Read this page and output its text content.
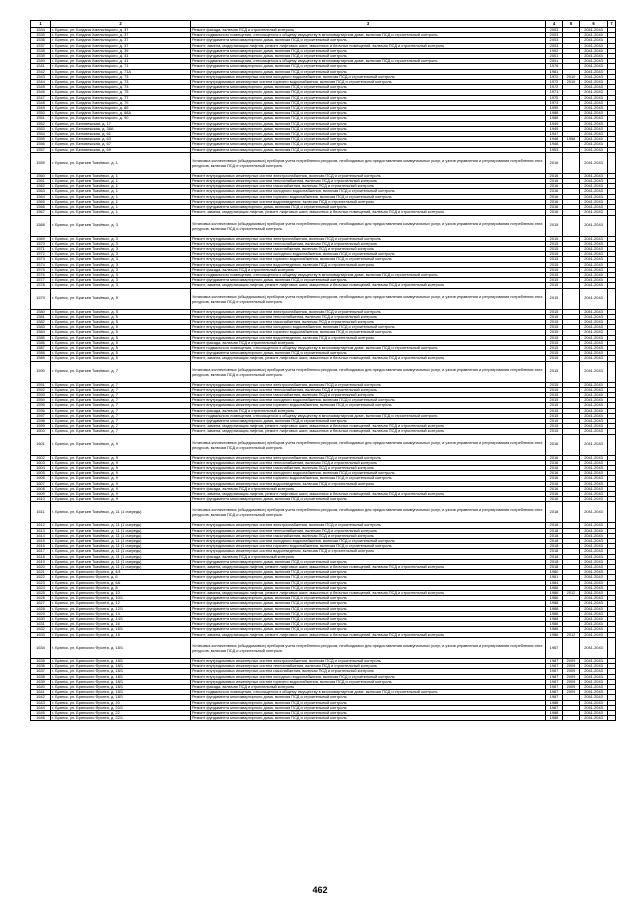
1	2	3	4	5	6	7
1534	г. Брянск, ул. Богдана Хмельницкого, д. 37	Ремонт фасада, включая ПСД и строительный контроль	2003		2041-2043	
1535	г. Брянск, ул. Богдана Хмельницкого, д. 37	Ремонт подвального помещения, относящегося к общему имуществу в многоквартирном доме, включая ПСД и строительный контроль	2003		2041-2043	
1536	г. Брянск, ул. Богдана Хмельницкого, д. 37	Ремонт фундамента многоквартирного дома, включая ПСД и строительный контроль	2003		2041-2043	
1537	г. Брянск, ул. Богдана Хмельницкого, д. 37	Ремонт, замена, модернизация лифтов, ремонт лифтовых шахт, машинных и блочных помещений, включая ПСД и строительный контроль	2003		2041-2043	
1538	г. Брянск, ул. Богдана Хмельницкого, д. 39	Ремонт фундамента многоквартирного дома, включая ПСД и строительный контроль	1992		2041-2043	
1539	г. Брянск, ул. Богдана Хмельницкого, д. 41	Ремонт фундамента многоквартирного дома, включая ПСД и строительный контроль	2001		2041-2043	
1540	г. Брянск, ул. Богдана Хмельницкого, д. 41	Ремонт подвального помещения, относящегося к общему имуществу в многоквартирном доме, включая ПСД и строительный контроль	2001		2041-2043	
1541	г. Брянск, ул. Богдана Хмельницкого, д. 71	Ремонт фундамента многоквартирного дома, включая ПСД и строительный контроль	1976		2041-2043	
1542	г. Брянск, ул. Богдана Хмельницкого, д. 71А	Ремонт фундамента многоквартирного дома, включая ПСД и строительный контроль	1981		2041-2043	
1543	г. Брянск, ул. Богдана Хмельницкого, д. 73	Ремонт внутридомовых инженерных систем холодного водоснабжения, включая ПСД и строительный контроль	1972	2010	2041-2043	
1544	г. Брянск, ул. Богдана Хмельницкого, д. 73	Ремонт внутридомовых инженерных систем горячего водоснабжения, включая ПСД и строительный контроль	1972	2010	2041-2043	
1545	г. Брянск, ул. Богдана Хмельницкого, д. 73	Ремонт фундамента многоквартирного дома, включая ПСД и строительный контроль	1972		2041-2043	
1546	г. Брянск, ул. Богдана Хмельницкого, д. 75	Ремонт фундамента многоквартирного дома, включая ПСД и строительный контроль	1971		2041-2043	
1547	г. Брянск, ул. Богдана Хмельницкого, д. 77	Ремонт фундамента многоквартирного дома, включая ПСД и строительный контроль	1975		2041-2043	
1548	г. Брянск, ул. Богдана Хмельницкого, д. 79	Ремонт фундамента многоквартирного дома, включая ПСД и строительный контроль	1973		2041-2043	
1549	г. Брянск, ул. Богдана Хмельницкого, д. 86	Ремонт фундамента многоквартирного дома, включая ПСД и строительный контроль	1995		2041-2043	
1550	г. Брянск, ул. Богдана Хмельницкого, д. 88А	Ремонт фундамента многоквартирного дома, включая ПСД и строительный контроль	1988		2041-2043	
1551	г. Брянск, ул. Богдана Хмельницкого, д. 90	Ремонт фундамента многоквартирного дома, включая ПСД и строительный контроль	1988		2041-2043	
1552	г. Брянск, ул. Беловежская, д. 17	Ремонт фундамента многоквартирного дома, включая ПСД и строительный контроль	1949		2041-2043	
1553	г. Брянск, ул. Беловежская, д. 38А	Ремонт фундамента многоквартирного дома, включая ПСД и строительный контроль	1949		2041-2043	
1554	г. Брянск, ул. Беловежская, д. 61	Ремонт фундамента многоквартирного дома, включая ПСД и строительный контроль	1947		2041-2043	
1555	г. Брянск, ул. Беловежская, д. 63	Ремонт фундамента многоквартирного дома, включая ПСД и строительный контроль	1948	1958	2041-2043	
1556	г. Брянск, ул. Беловежская, д. 67	Ремонт фундамента многоквартирного дома, включая ПСД и строительный контроль	1948		2041-2043	
1557	г. Брянск, ул. Беловежская, д. 69	Ремонт фундамента многоквартирного дома, включая ПСД и строительный контроль	1953		2041-2043	
1559	г. Брянск, ул. Братьев Ткачёвых, д. 1	Установка коллективных (общедомовых) приборов учета потребления ресурсов, необходимых для предоставления коммунальных услуг, и узлов управления и регулирования потребления этих ресурсов, включая ПСД и строительный контроль	2016		2041-2043	
1560	г. Брянск, ул. Братьев Ткачёвых, д. 1	Ремонт внутридомовых инженерных систем электроснабжения, включая ПСД и строительный контроль	2016		2041-2043	
1561	г. Брянск, ул. Братьев Ткачёвых, д. 1	Ремонт внутридомовых инженерных систем теплоснабжения, включая ПСД и строительный контроль	2016		2041-2043	
1562	г. Брянск, ул. Братьев Ткачёвых, д. 1	Ремонт внутридомовых инженерных систем газоснабжения, включая ПСД и строительный контроль	2016		2041-2043	
1563	г. Брянск, ул. Братьев Ткачёвых, д. 1	Ремонт внутридомовых инженерных систем холодного водоснабжения, включая ПСД и строительный контроль	2016		2041-2043	
1564	г. Брянск, ул. Братьев Ткачёвых, д. 1	Ремонт внутридомовых инженерных систем горячего водоснабжения, включая ПСД и строительный контроль	2016		2041-2043	
1565	г. Брянск, ул. Братьев Ткачёвых, д. 1	Ремонт внутридомовых инженерных систем водоотведения, включая ПСД и строительный контроль	2016		2041-2043	
1566	г. Брянск, ул. Братьев Ткачёвых, д. 1	Ремонт фундамента многоквартирного дома, включая ПСД и строительный контроль	2016		2041-2043	
1567	г. Брянск, ул. Братьев Ткачёвых, д. 1	Ремонт, замена, модернизация лифтов, ремонт лифтовых шахт, машинных и блочных помещений, включая ПСД и строительный контроль	2016		2041-2043	
1568	г. Брянск, ул. Братьев Ткачёвых, д. 3	Установка коллективных (общедомовых) приборов учета потребления ресурсов, необходимых для предоставления коммунальных услуг, и узлов управления и регулирования потребления этих ресурсов, включая ПСД и строительный контроль	2015		2041-2043	
1569	г. Брянск, ул. Братьев Ткачёвых, д. 3	Ремонт внутридомовых инженерных систем электроснабжения, включая ПСД и строительный контроль	2015		2041-2043	
1570	г. Брянск, ул. Братьев Ткачёвых, д. 3	Ремонт внутридомовых инженерных систем теплоснабжения, включая ПСД и строительный контроль	2015		2041-2043	
1571	г. Брянск, ул. Братьев Ткачёвых, д. 3	Ремонт внутридомовых инженерных систем газоснабжения, включая ПСД и строительный контроль	2015		2041-2043	
1572	г. Брянск, ул. Братьев Ткачёвых, д. 3	Ремонт внутридомовых инженерных систем холодного водоснабжения, включая ПСД и строительный контроль	2015		2041-2043	
1573	г. Брянск, ул. Братьев Ткачёвых, д. 3	Ремонт внутридомовых инженерных систем горячего водоснабжения, включая ПСД и строительный контроль	2015		2041-2043	
1574	г. Брянск, ул. Братьев Ткачёвых, д. 3	Ремонт внутридомовых инженерных систем водоотведения, включая ПСД и строительный контроль	2015		2041-2043	
1575	г. Брянск, ул. Братьев Ткачёвых, д. 3	Ремонт фасада, включая ПСД и строительный контроль	2015		2041-2043	
1576	г. Брянск, ул. Братьев Ткачёвых, д. 3	Ремонт подвального помещения, относящегося к общему имуществу в многоквартирном доме, включая ПСД и строительный контроль	2015		2041-2043	
1577	г. Брянск, ул. Братьев Ткачёвых, д. 3	Ремонт фундамента многоквартирного дома, включая ПСД и строительный контроль	2015		2041-2043	
1578	г. Брянск, ул. Братьев Ткачёвых, д. 3	Ремонт, замена, модернизация лифтов, ремонт лифтовых шахт, машинных и блочных помещений, включая ПСД и строительный контроль	2015		2041-2043	
1579	г. Брянск, ул. Братьев Ткачёвых, д. 5	Установка коллективных (общедомовых) приборов учета потребления ресурсов, необходимых для предоставления коммунальных услуг, и узлов управления и регулирования потребления этих ресурсов, включая ПСД и строительный контроль	2015		2041-2043	
1580	г. Брянск, ул. Братьев Ткачёвых, д. 5	Ремонт внутридомовых инженерных систем электроснабжения, включая ПСД и строительный контроль	2015		2041-2043	
1581	г. Брянск, ул. Братьев Ткачёвых, д. 5	Ремонт внутридомовых инженерных систем теплоснабжения, включая ПСД и строительный контроль	2015		2041-2043	
1582	г. Брянск, ул. Братьев Ткачёвых, д. 5	Ремонт внутридомовых инженерных систем газоснабжения, включая ПСД и строительный контроль	2015		2041-2043	
1583	г. Брянск, ул. Братьев Ткачёвых, д. 5	Ремонт внутридомовых инженерных систем холодного водоснабжения, включая ПСД и строительный контроль	2015		2041-2043	
1584	г. Брянск, ул. Братьев Ткачёвых, д. 5	Ремонт внутридомовых инженерных систем горячего водоснабжения, включая ПСД и строительный контроль	2015		2041-2043	
1585	г. Брянск, ул. Братьев Ткачёвых, д. 5	Ремонт внутридомовых инженерных систем водоотведения, включая ПСД и строительный контроль	2015		2041-2043	
1586	г. Брянск, ул. Братьев Ткачёвых, д. 5	Ремонт фасада, включая ПСД и строительный контроль	2015		2041-2043	
1587	г. Брянск, ул. Братьев Ткачёвых, д. 5	Ремонт подвального помещения, относящегося к общему имуществу в многоквартирном доме, включая ПСД и строительный контроль	2015		2041-2043	
1588	г. Брянск, ул. Братьев Ткачёвых, д. 5	Ремонт фундамента многоквартирного дома, включая ПСД и строительный контроль	2015		2041-2043	
1589	г. Брянск, ул. Братьев Ткачёвых, д. 5	Ремонт, замена, модернизация лифтов, ремонт лифтовых шахт, машинных и блочных помещений, включая ПСД и строительный контроль	2015		2041-2043	
1590	г. Брянск, ул. Братьев Ткачёвых, д. 7	Установка коллективных (общедомовых) приборов учета потребления ресурсов, необходимых для предоставления коммунальных услуг, и узлов управления и регулирования потребления этих ресурсов, включая ПСД и строительный контроль	2015		2041-2043	
1591	г. Брянск, ул. Братьев Ткачёвых, д. 7	Ремонт внутридомовых инженерных систем электроснабжения, включая ПСД и строительный контроль	2015		2041-2043	
1592	г. Брянск, ул. Братьев Ткачёвых, д. 7	Ремонт внутридомовых инженерных систем теплоснабжения, включая ПСД и строительный контроль	2015		2041-2043	
1593	г. Брянск, ул. Братьев Ткачёвых, д. 7	Ремонт внутридомовых инженерных систем газоснабжения, включая ПСД и строительный контроль	2015		2041-2043	
1594	г. Брянск, ул. Братьев Ткачёвых, д. 7	Ремонт внутридомовых инженерных систем холодного водоснабжения, включая ПСД и строительный контроль	2015		2041-2043	
1595	г. Брянск, ул. Братьев Ткачёвых, д. 7	Ремонт внутридомовых инженерных систем горячего водоснабжения, включая ПСД и строительный контроль	2015		2041-2043	
1596	г. Брянск, ул. Братьев Ткачёвых, д. 7	Ремонт фасада, включая ПСД и строительный контроль	2015		2041-2043	
1597	г. Брянск, ул. Братьев Ткачёвых, д. 7	Ремонт подвального помещения, относящегося к общему имуществу в многоквартирном доме, включая ПСД и строительный контроль	2015		2041-2043	
1598	г. Брянск, ул. Братьев Ткачёвых, д. 7	Ремонт фундамента многоквартирного дома, включая ПСД и строительный контроль	2015		2041-2043	
1599	г. Брянск, ул. Братьев Ткачёвых, д. 7	Ремонт, замена, модернизация лифтов, ремонт лифтовых шахт, машинных и блочных помещений, включая ПСД и строительный контроль	2015		2041-2043	
1600	г. Брянск, ул. Братьев Ткачёвых, д. 7	Ремонт, замена, модернизация лифтов, ремонт лифтовых шахт, машинных и блочных помещений, включая ПСД и строительный контроль	2015		2041-2043	
1601	г. Брянск, ул. Братьев Ткачёвых, д. 9	Установка коллективных (общедомовых) приборов учета потребления ресурсов, необходимых для предоставления коммунальных услуг, и узлов управления и регулирования потребления этих ресурсов, включая ПСД и строительный контроль	2016		2041-2043	
1602	г. Брянск, ул. Братьев Ткачёвых, д. 9	Ремонт внутридомовых инженерных систем электроснабжения, включая ПСД и строительный контроль	2016		2041-2043	
1603	г. Брянск, ул. Братьев Ткачёвых, д. 9	Ремонт внутридомовых инженерных систем теплоснабжения, включая ПСД и строительный контроль	2016		2041-2043	
1604	г. Брянск, ул. Братьев Ткачёвых, д. 9	Ремонт внутридомовых инженерных систем газоснабжения, включая ПСД и строительный контроль	2016		2041-2043	
1605	г. Брянск, ул. Братьев Ткачёвых, д. 9	Ремонт внутридомовых инженерных систем холодного водоснабжения, включая ПСД и строительный контроль	2016		2041-2043	
1606	г. Брянск, ул. Братьев Ткачёвых, д. 9	Ремонт внутридомовых инженерных систем горячего водоснабжения, включая ПСД и строительный контроль	2016		2041-2043	
1607	г. Брянск, ул. Братьев Ткачёвых, д. 9	Ремонт внутридомовых инженерных систем водоотведения, включая ПСД и строительный контроль	2016		2041-2043	
1608	г. Брянск, ул. Братьев Ткачёвых, д. 9	Ремонт фасада, включая ПСД и строительный контроль	2016		2041-2043	
1609	г. Брянск, ул. Братьев Ткачёвых, д. 9	Ремонт, замена, модернизация лифтов, ремонт лифтовых шахт, машинных и блочных помещений, включая ПСД и строительный контроль	2016		2041-2043	
1610	г. Брянск, ул. Братьев Ткачёвых, д. 9	Ремонт фундамента многоквартирного дома, включая ПСД и строительный контроль	2016		2041-2043	
1611	г. Брянск, ул. Братьев Ткачёвых, д. 11 (1 очередь)	Установка коллективных (общедомовых) приборов учета потребления ресурсов, необходимых для предоставления коммунальных услуг, и узлов управления и регулирования потребления этих ресурсов, включая ПСД и строительный контроль	2018		2041-2043	
1612	г. Брянск, ул. Братьев Ткачёвых, д. 11 (1 очередь)	Ремонт внутридомовых инженерных систем электроснабжения, включая ПСД и строительный контроль	2018		2041-2043	
1613	г. Брянск, ул. Братьев Ткачёвых, д. 11 (1 очередь)	Ремонт внутридомовых инженерных систем теплоснабжения, включая ПСД и строительный контроль	2018		2041-2043	
1614	г. Брянск, ул. Братьев Ткачёвых, д. 11 (1 очередь)	Ремонт внутридомовых инженерных систем газоснабжения, включая ПСД и строительный контроль	2018		2041-2043	
1615	г. Брянск, ул. Братьев Ткачёвых, д. 11 (1 очередь)	Ремонт внутридомовых инженерных систем холодного водоснабжения, включая ПСД и строительный контроль	2018		2041-2043	
1616	г. Брянск, ул. Братьев Ткачёвых, д. 11 (1 очередь)	Ремонт внутридомовых инженерных систем горячего водоснабжения, включая ПСД и строительный контроль	2018		2041-2043	
1617	г. Брянск, ул. Братьев Ткачёвых, д. 11 (1 очередь)	Ремонт внутридомовых инженерных систем водоотведения, включая ПСД и строительный контроль	2018		2041-2043	
1618	г. Брянск, ул. Братьев Ткачёвых, д. 11 (1 очередь)	Ремонт фасада, включая ПСД и строительный контроль	2018		2041-2043	
1619	г. Брянск, ул. Братьев Ткачёвых, д. 11 (1 очередь)	Ремонт фундамента многоквартирного дома, включая ПСД и строительный контроль	2018		2041-2043	
1620	г. Брянск, ул. Братьев Ткачёвых, д. 11 (1 очередь)	Ремонт, замена, модернизация лифтов, ремонт лифтовых шахт, машинных и блочных помещений, включая ПСД и строительный контроль	2018		2041-2043	
1621	г. Брянск, ул. Брянского Фронта, д. 4/1	Ремонт фундамента многоквартирного дома, включая ПСД и строительный контроль	1980		2041-2043	
1622	г. Брянск, ул. Брянского Фронта, д. 6	Ремонт фундамента многоквартирного дома, включая ПСД и строительный контроль	1981		2041-2043	
1623	г. Брянск, ул. Брянского Фронта, д. 6А	Ремонт фундамента многоквартирного дома, включая ПСД и строительный контроль	1984		2041-2043	
1624	г. Брянск, ул. Брянского Фронта, д. 8	Ремонт фундамента многоквартирного дома, включая ПСД и строительный контроль	1986		2041-2043	
1625	г. Брянск, ул. Брянского Фронта, д. 10	Ремонт, замена, модернизация лифтов, ремонт лифтовых шахт, машинных и блочных помещений, включая ПСД и строительный контроль	1986	2012	2041-2043	
1626	г. Брянск, ул. Брянского Фронта, д. 10/1	Ремонт фундамента многоквартирного дома, включая ПСД и строительный контроль	1986		2041-2043	
1627	г. Брянск, ул. Брянского Фронта, д. 12	Ремонт фундамента многоквартирного дома, включая ПСД и строительный контроль	1988		2041-2043	
1628	г. Брянск, ул. Брянского Фронта, д. 12/1	Ремонт фундамента многоквартирного дома, включая ПСД и строительный контроль	1988		2041-2043	
1629	г. Брянск, ул. Брянского Фронта, д. 14	Ремонт фундамента многоквартирного дома, включая ПСД и строительный контроль	1986		2041-2043	
1630	г. Брянск, ул. Брянского Фронта, д. 14/1	Ремонт фундамента многоквартирного дома, включая ПСД и строительный контроль	1988		2041-2043	
1631	г. Брянск, ул. Брянского Фронта, д. 16	Ремонт фундамента многоквартирного дома, включая ПСД и строительный контроль	1986		2041-2043	
1632	г. Брянск, ул. Брянского Фронта, д. 16/1	Ремонт фундамента многоквартирного дома, включая ПСД и строительный контроль	1986		2041-2043	
1633	г. Брянск, ул. Брянского Фронта, д. 18	Ремонт, замена, модернизация лифтов, ремонт лифтовых шахт, машинных и блочных помещений, включая ПСД и строительный контроль	1986	2012	2041-2043	
1634	г. Брянск, ул. Брянского Фронта, д. 18/1	Установка коллективных (общедомовых) приборов учета потребления ресурсов, необходимых для предоставления коммунальных услуг, и узлов управления и регулирования потребления этих ресурсов, включая ПСД и строительный контроль	1987		2041-2043	
1635	г. Брянск, ул. Брянского Фронта, д. 18/1	Ремонт внутридомовых инженерных систем электроснабжения, включая ПСД и строительный контроль	1987	2009	2041-2043	
1636	г. Брянск, ул. Брянского Фронта, д. 18/1	Ремонт внутридомовых инженерных систем теплоснабжения, включая ПСД и строительный контроль	1987	2009	2041-2043	
1637	г. Брянск, ул. Брянского Фронта, д. 18/1	Ремонт внутридомовых инженерных систем газоснабжения, включая ПСД и строительный контроль	1987	2009	2041-2043	
1638	г. Брянск, ул. Брянского Фронта, д. 18/1	Ремонт внутридомовых инженерных систем холодного водоснабжения, включая ПСД и строительный контроль	1987	2009	2041-2043	
1639	г. Брянск, ул. Брянского Фронта, д. 18/1	Ремонт внутридомовых инженерных систем горячего водоснабжения, включая ПСД и строительный контроль	1987	2009	2041-2043	
1640	г. Брянск, ул. Брянского Фронта, д. 18/1	Ремонт фасада, включая ПСД и строительный контроль	1987	2009	2041-2043	
1641	г. Брянск, ул. Брянского Фронта, д. 18/1	Ремонт подвального помещения, относящегося к общему имуществу в многоквартирном доме, включая ПСД и строительный контроль	1987	2009	2041-2043	
1642	г. Брянск, ул. Брянского Фронта, д. 18/1	Ремонт фундамента многоквартирного дома, включая ПСД и строительный контроль	1987		2041-2043	
1643	г. Брянск, ул. Брянского Фронта, д. 20	Ремонт фундамента многоквартирного дома, включая ПСД и строительный контроль	1988		2041-2043	
1644	г. Брянск, ул. Брянского Фронта, д. 20/1	Ремонт фундамента многоквартирного дома, включая ПСД и строительный контроль	1987		2041-2043	
1645	г. Брянск, ул. Брянского Фронта, д. 22	Ремонт фундамента многоквартирного дома, включая ПСД и строительный контроль	1988		2041-2043	
1646	г. Брянск, ул. Брянского Фронта, д. 22/1	Ремонт фундамента многоквартирного дома, включая ПСД и строительный контроль	1988		2041-2043	
462
